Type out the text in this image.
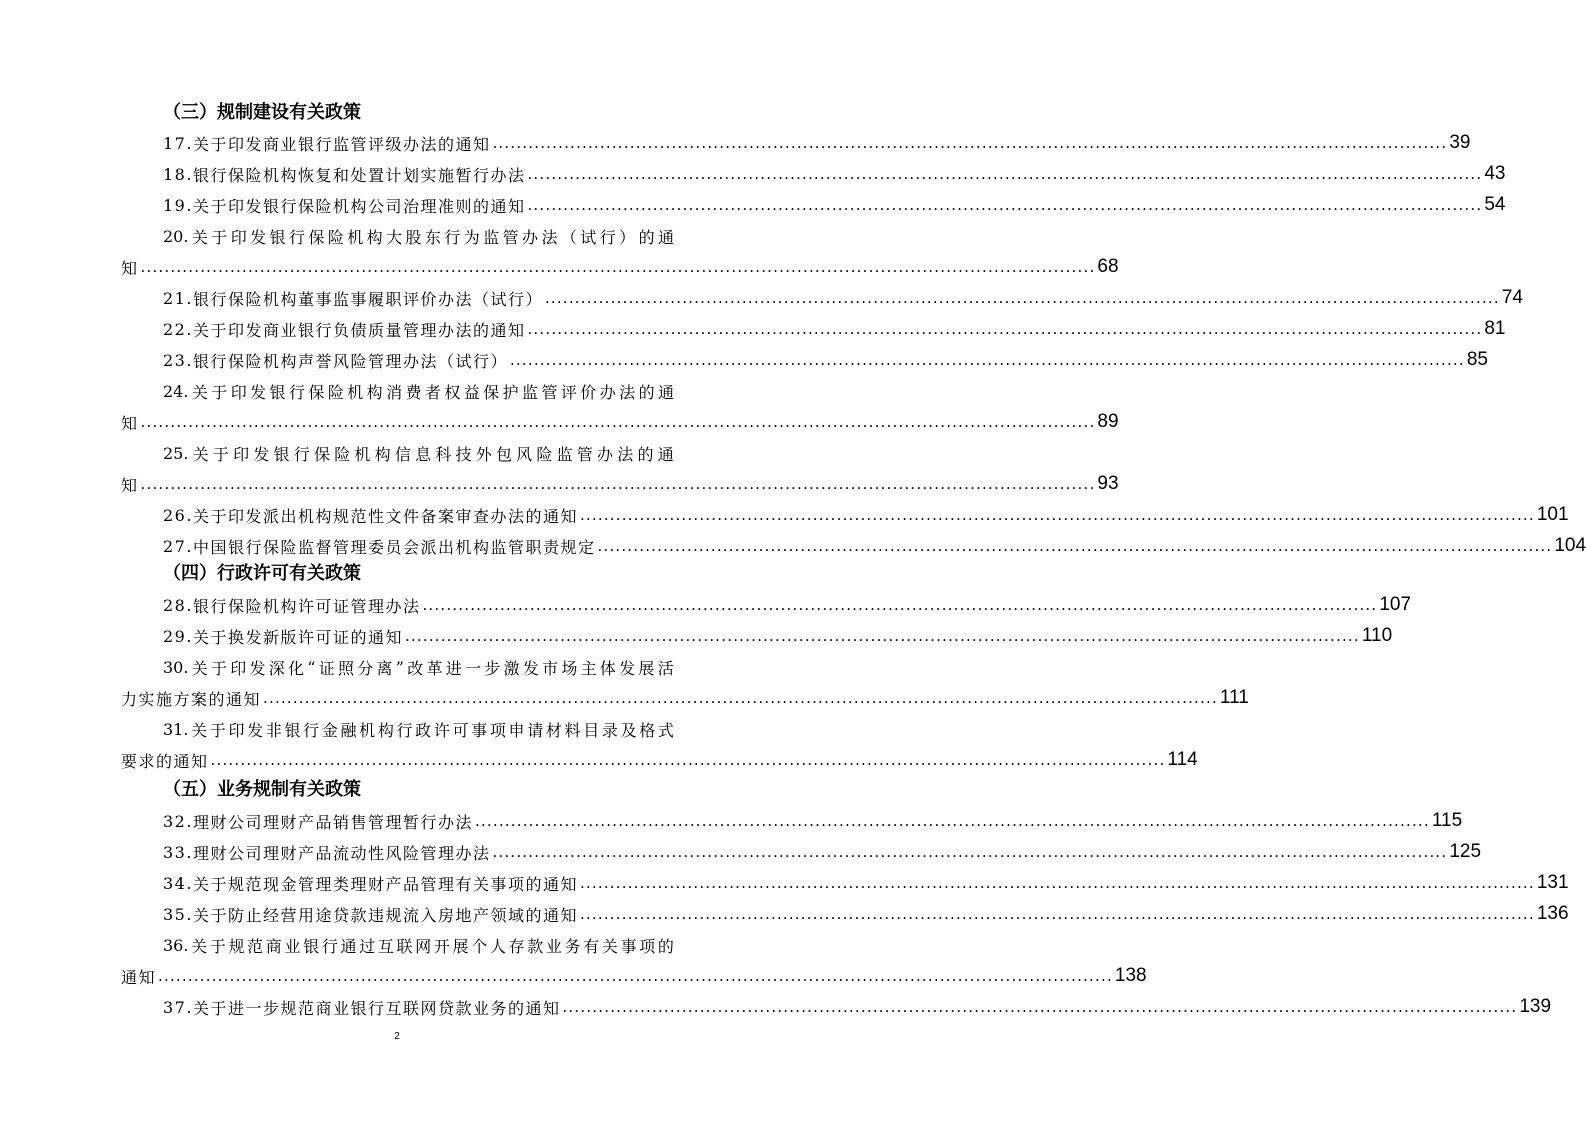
（三）规制建设有关政策
17. 关于印发商业银行监管评级办法的通知 ................................................................................................................................................................ 39
18. 银行保险机构恢复和处置计划实施暂行办法 ................................................................................................................................................................ 43
19. 关于印发银行保险机构公司治理准则的通知 ................................................................................................................................................................ 54
20. 关 于 印 发 银 行 保 险 机 构 大 股 东 行 为 监 管 办 法 （ 试 行 ） 的 通
知 ................................................................................................................................................................ 68
21. 银行保险机构董事监事履职评价办法（试行） ................................................................................................................................................................ 74
22. 关于印发商业银行负债质量管理办法的通知 ................................................................................................................................................................ 81
23. 银行保险机构声誉风险管理办法（试行） ................................................................................................................................................................ 85
24. 关 于 印 发 银 行 保 险 机 构 消 费 者 权 益 保 护 监 管 评 价 办 法 的 通
知 ................................................................................................................................................................ 89
25. 关 于 印 发 银 行 保 险 机 构 信 息 科 技 外 包 风 险 监 管 办 法 的 通
知 ................................................................................................................................................................ 93
26. 关于印发派出机构规范性文件备案审查办法的通知 ................................................................................................................................................................ 101
27. 中国银行保险监督管理委员会派出机构监管职责规定 ................................................................................................................................................................ 104
（四）行政许可有关政策
28. 银行保险机构许可证管理办法 ................................................................................................................................................................ 107
29. 关于换发新版许可证的通知 ................................................................................................................................................................ 110
30. 关 于 印 发 深 化 “ 证 照 分 离 ” 改 革 进 一 步 激 发 市 场 主 体 发 展 活
力实施方案的通知 ................................................................................................................................................................ 111
31. 关 于 印 发 非 银 行 金 融 机 构 行 政 许 可 事 项 申 请 材 料 目 录 及 格 式
要求的通知 ................................................................................................................................................................ 114
（五）业务规制有关政策
32. 理财公司理财产品销售管理暂行办法 ................................................................................................................................................................ 115
33. 理财公司理财产品流动性风险管理办法 ................................................................................................................................................................ 125
34. 关于规范现金管理类理财产品管理有关事项的通知 ................................................................................................................................................................ 131
35. 关于防止经营用途贷款违规流入房地产领域的通知 ................................................................................................................................................................ 136
36. 关 于 规 范 商 业 银 行 通 过 互 联 网 开 展 个 人 存 款 业 务 有 关 事 项 的
通知 ................................................................................................................................................................ 138
37. 关于进一步规范商业银行互联网贷款业务的通知 ................................................................................................................................................................ 139
2
